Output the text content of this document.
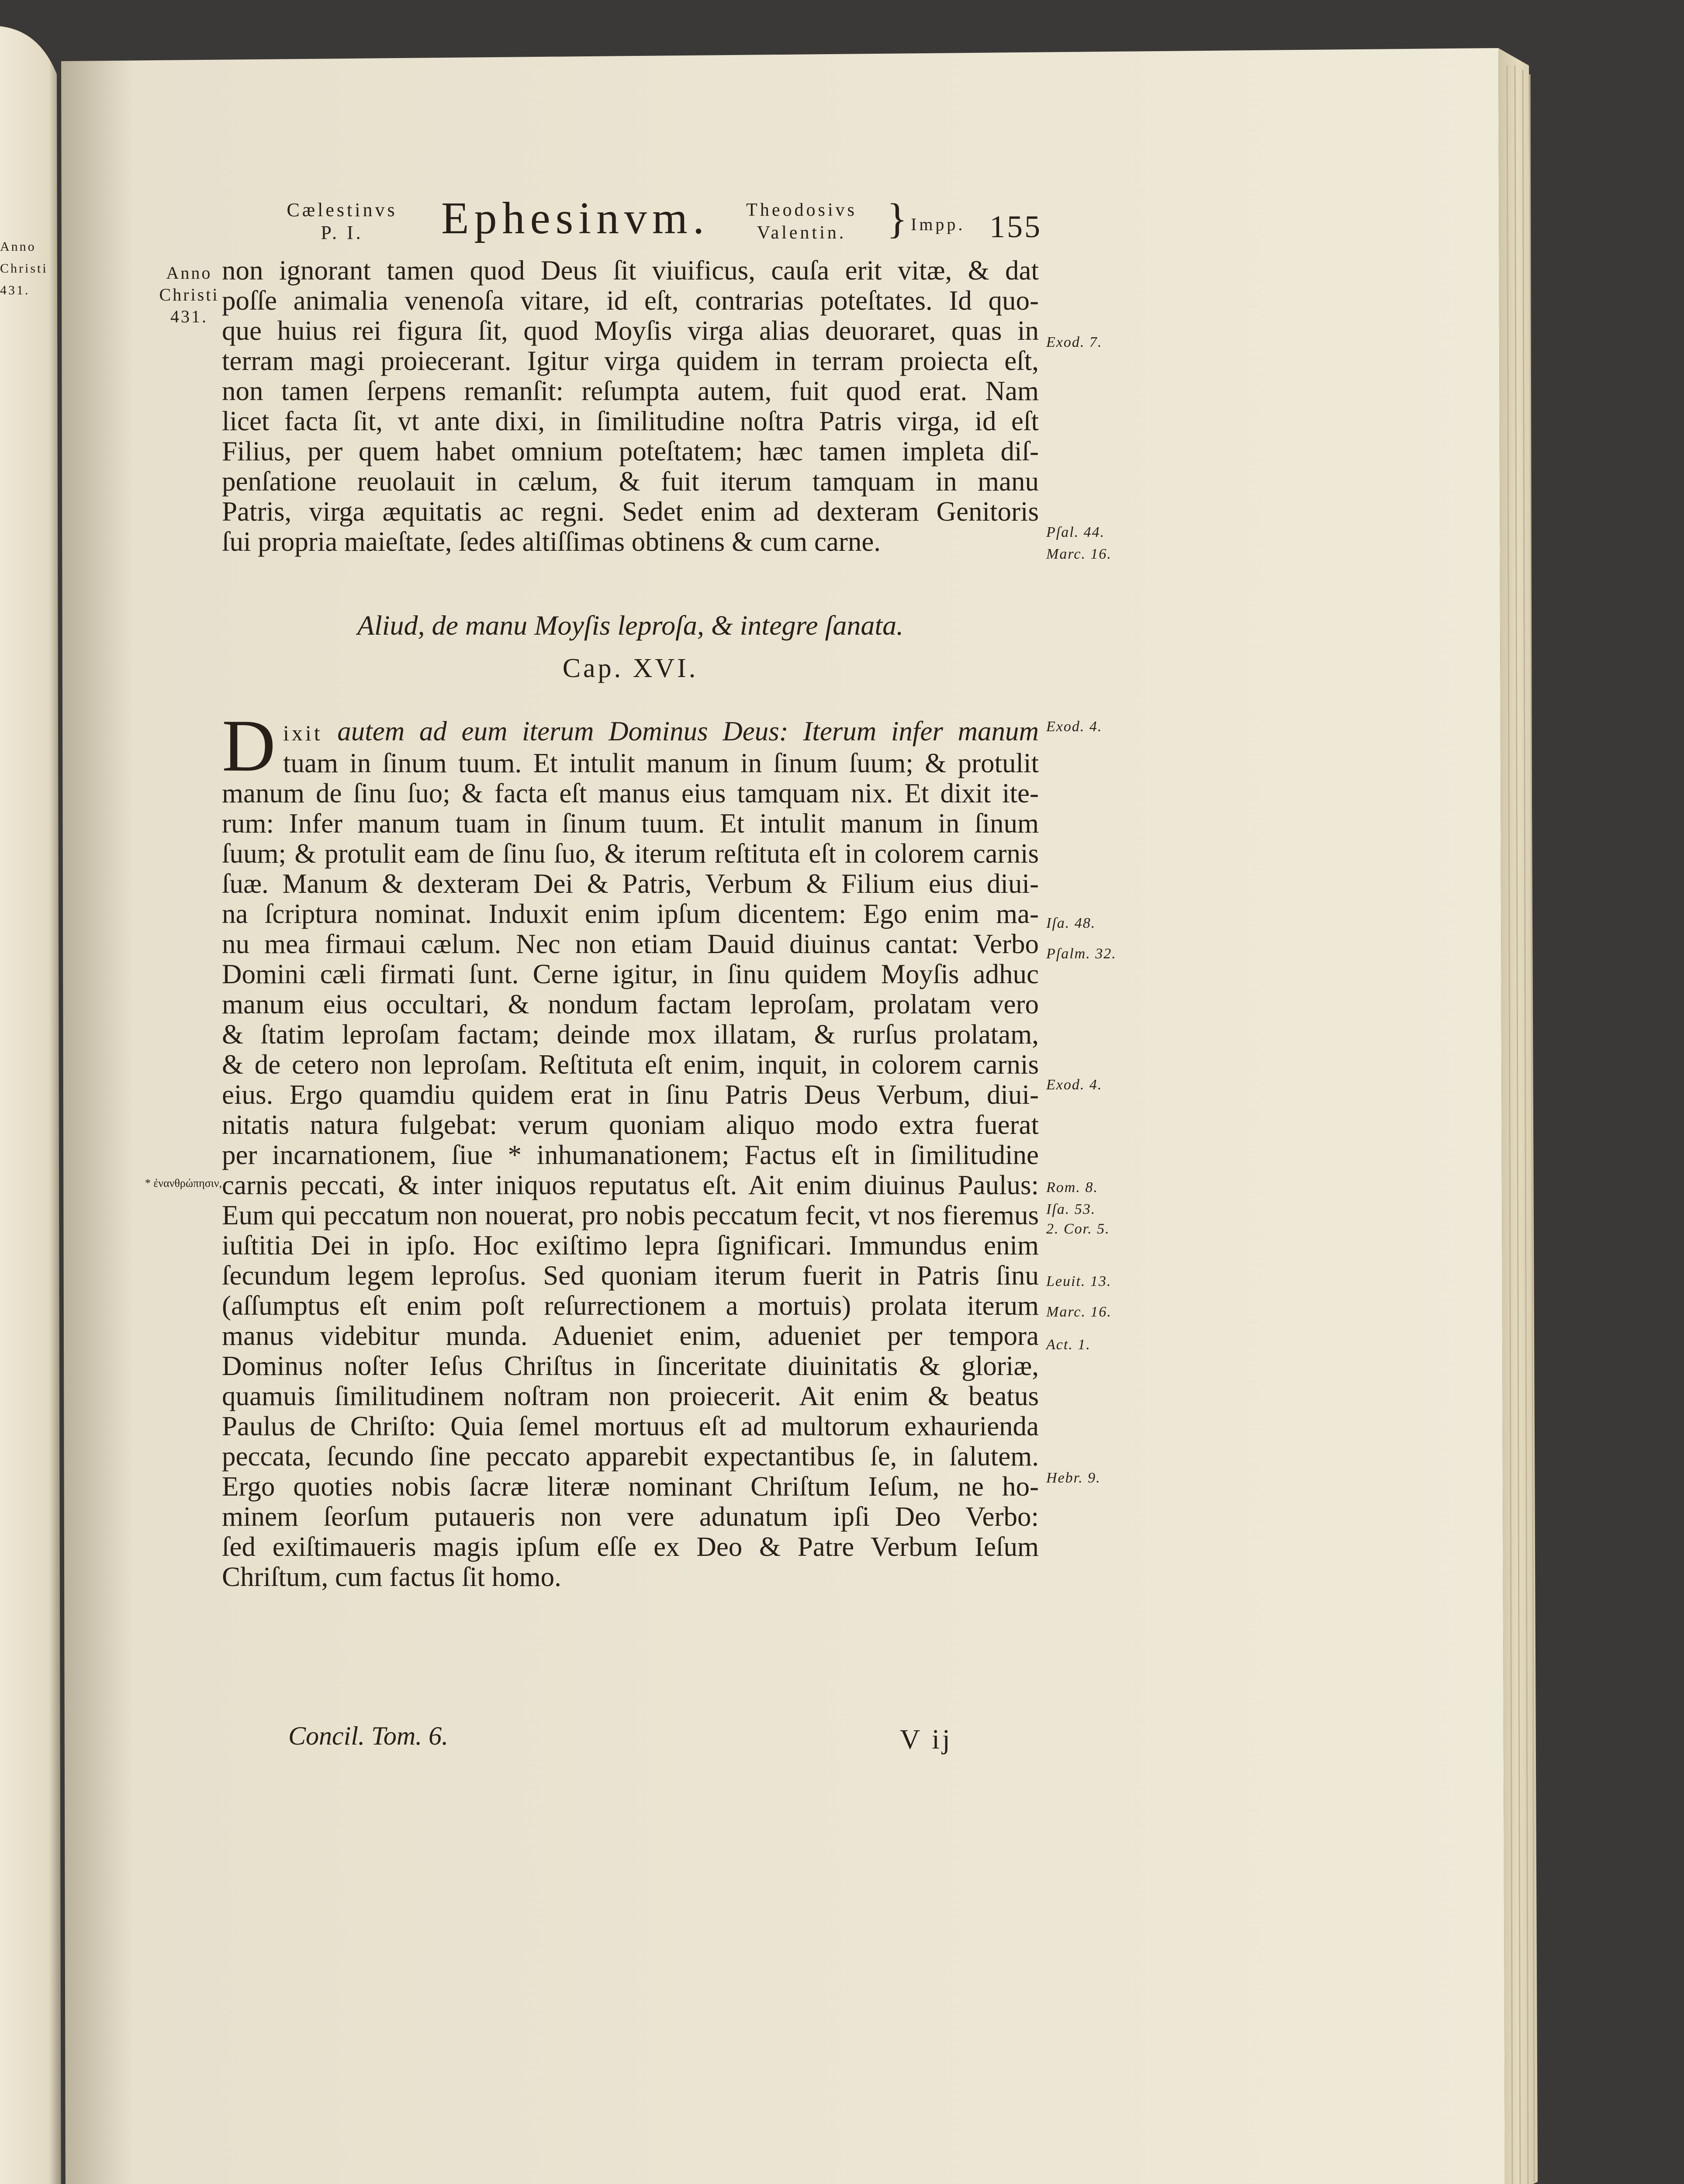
Cælestinvs
P. I.	Ephesinvm.	Theodosivs
Valentin. } Impp. 155
Anno
Christi
431.
Anno
Christi
431.
non ignorant tamen quod Deus ſit viuificus, cauſa erit vitæ, & dat
poſſe animalia venenoſa vitare, id eſt, contrarias poteſtates. Id quo-
que huius rei figura ſit, quod Moyſis virga alias deuoraret, quas in
terram magi proiecerant. Igitur virga quidem in terram proiecta eſt,
non tamen ſerpens remanſit: reſumpta autem, fuit quod erat. Nam
licet facta ſit, vt ante dixi, in ſimilitudine noſtra Patris virga, id eſt
Filius, per quem habet omnium poteſtatem; hæc tamen impleta diſ-
penſatione reuolauit in cælum, & fuit iterum tamquam in manu
Patris, virga æquitatis ac regni. Sedet enim ad dexteram Genitoris
ſui propria maieſtate, ſedes altiſſimas obtinens & cum carne.
Aliud, de manu Moyſis leproſa, & integre ſanata.
Cap. XVI.
D ixit autem ad eum iterum Dominus Deus: Iterum infer manum
tuam in ſinum tuum. Et intulit manum in ſinum ſuum; & protulit
manum de ſinu ſuo; & facta eſt manus eius tamquam nix. Et dixit ite-
rum: Infer manum tuam in ſinum tuum. Et intulit manum in ſinum
ſuum; & protulit eam de ſinu ſuo, & iterum reſtituta eſt in colorem carnis
ſuæ. Manum & dexteram Dei & Patris, Verbum & Filium eius diui-
na ſcriptura nominat. Induxit enim ipſum dicentem: Ego enim ma-
nu mea firmaui cælum. Nec non etiam Dauid diuinus cantat: Verbo
Domini cæli firmati ſunt. Cerne igitur, in ſinu quidem Moyſis adhuc
manum eius occultari, & nondum factam leproſam, prolatam vero
& ſtatim leproſam factam; deinde mox illatam, & rurſus prolatam,
& de cetero non leproſam. Reſtituta eſt enim, inquit, in colorem carnis
eius. Ergo quamdiu quidem erat in ſinu Patris Deus Verbum, diui-
nitatis natura fulgebat: verum quoniam aliquo modo extra fuerat
per incarnationem, ſiue * inhumanationem; Factus eſt in ſimilitudine
carnis peccati, & inter iniquos reputatus eſt. Ait enim diuinus Paulus:
Eum qui peccatum non nouerat, pro nobis peccatum fecit, vt nos fieremus
iuſtitia Dei in ipſo. Hoc exiſtimo lepra ſignificari. Immundus enim
ſecundum legem leproſus. Sed quoniam iterum fuerit in Patris ſinu
(aſſumptus eſt enim poſt reſurrectionem a mortuis) prolata iterum
manus videbitur munda. Adueniet enim, adueniet per tempora
Dominus noſter Ieſus Chriſtus in ſinceritate diuinitatis & gloriæ,
quamuis ſimilitudinem noſtram non proiecerit. Ait enim & beatus
Paulus de Chriſto: Quia ſemel mortuus eſt ad multorum exhaurienda
peccata, ſecundo ſine peccato apparebit expectantibus ſe, in ſalutem.
Ergo quoties nobis ſacræ literæ nominant Chriſtum Ieſum, ne ho-
minem ſeorſum putaueris non vere adunatum ipſi Deo Verbo:
ſed exiſtimaueris magis ipſum eſſe ex Deo & Patre Verbum Ieſum
Chriſtum, cum factus ſit homo.
Exod. 7.
Pſal. 44.
Marc. 16.
Exod. 4.
Iſa. 48.
Pſalm. 32.
Exod. 4.
Rom. 8.
Iſa. 53.
2. Cor. 5.
Leuit. 13.
Marc. 16.
Act. 1.
Hebr. 9.
* ἐνανθρώπησιν,
Concil. Tom. 6.	V ij
